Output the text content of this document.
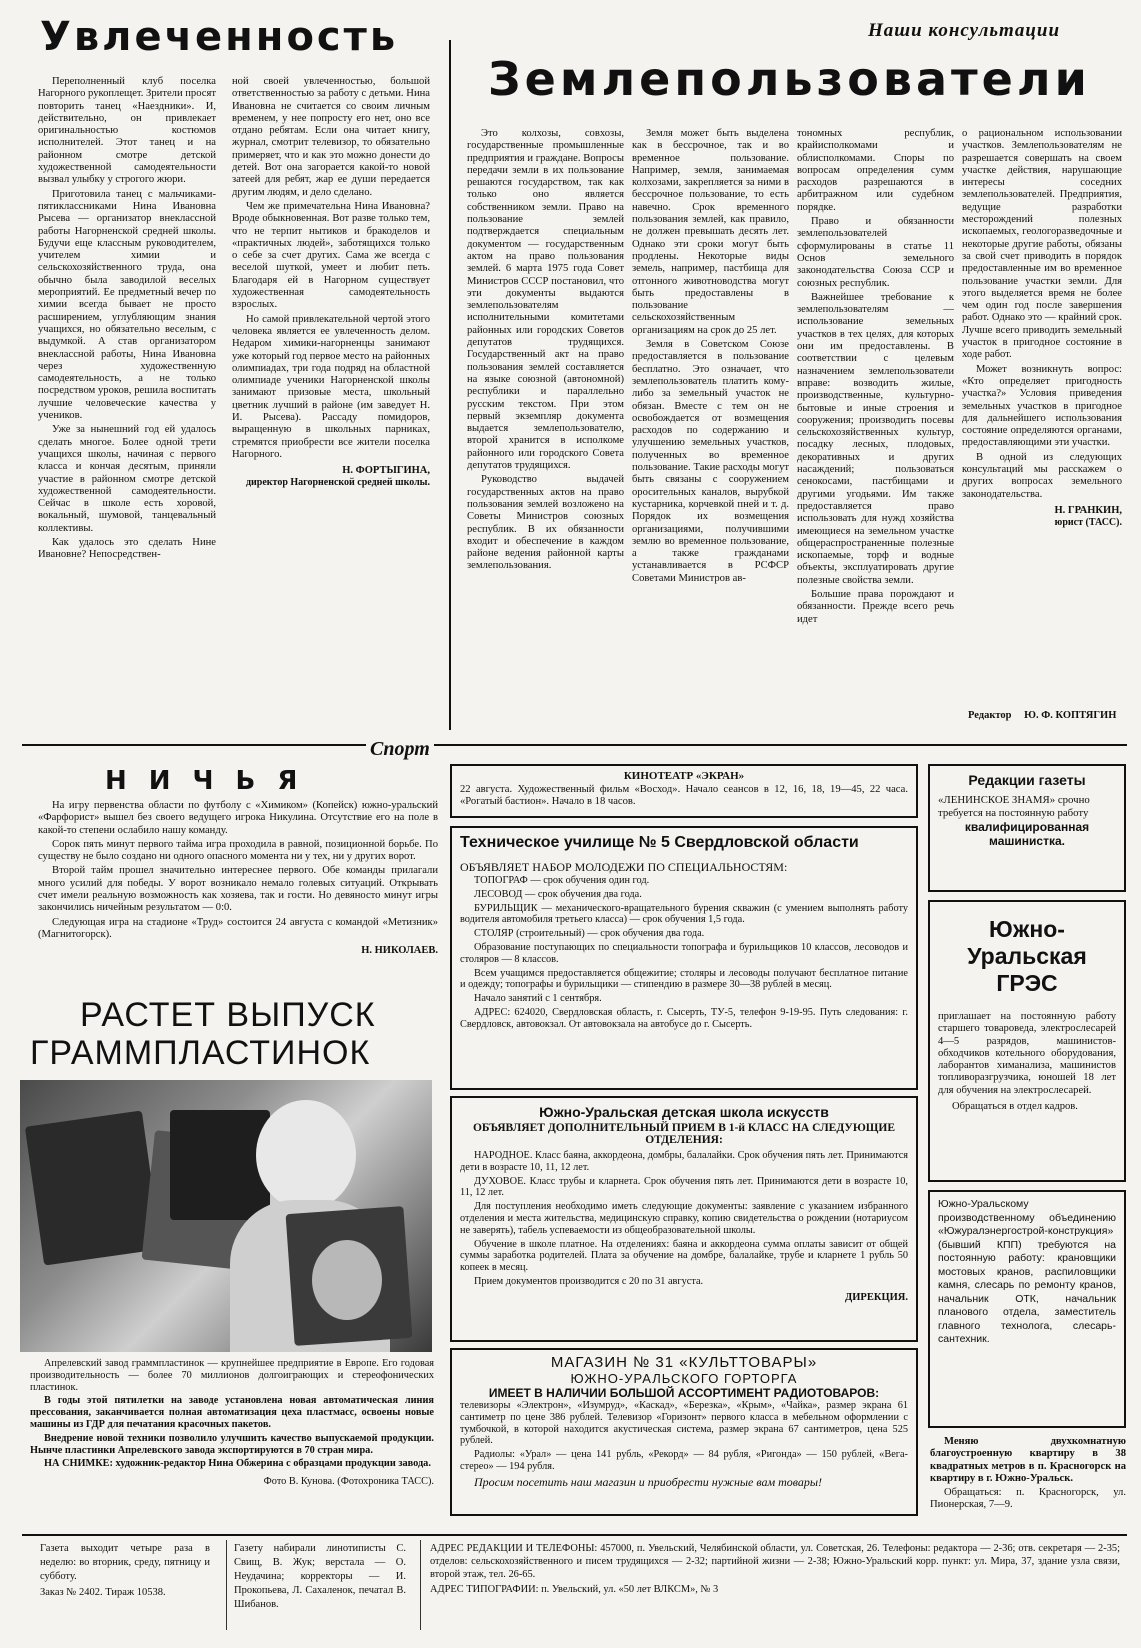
Увлеченность	Наши консультации

Переполненный клуб поселка Нагорного рукоплещет. Зрители просят повторить танец «Наездники». И, действительно, он привлекает оригинальностью костюмов исполнителей. Этот танец и на районном смотре детской художественной самодеятельности вызвал улыбку у строгого жюри.

Приготовила танец с мальчиками-пятиклассниками Нина Ивановна Рысева — организатор внеклассной работы Нагорненской средней школы. Будучи еще классным руководителем, учителем химии и сельскохозяйственного труда, она обычно была заводилой веселых мероприятий. Ее предметный вечер по химии всегда бывает не просто расширением, углубляющим знания учащихся, но обязательно веселым, с выдумкой. А став организатором внеклассной работы, Нина Ивановна через художественную самодеятельность, а не только посредством уроков, решила воспитать лучшие человеческие качества у учеников.

Уже за нынешний год ей удалось сделать многое. Более одной трети учащихся школы, начиная с первого класса и кончая десятым, приняли участие в районном смотре детской художественной самодеятельности. Сейчас в школе есть хоровой, вокальный, шумовой, танцевальный коллективы.

Как удалось это сделать Нине Ивановне? Непосредствен-

ной своей увлеченностью, большой ответственностью за работу с детьми. Нина Ивановна не считается со своим личным временем, у нее попросту его нет, оно все отдано ребятам. Если она читает книгу, журнал, смотрит телевизор, то обязательно примеряет, что и как это можно донести до детей. Вот она загорается какой-то новой затеей для ребят, жар ее души передается другим людям, и дело сделано.

Чем же примечательна Нина Ивановна? Вроде обыкновенная. Вот разве только тем, что не терпит нытиков и бракоделов и «практичных людей», заботящихся только о себе за счет других. Сама же всегда с веселой шуткой, умеет и любит петь. Благодаря ей в Нагорном существует художественная самодеятельность взрослых.

Но самой привлекательной чертой этого человека является ее увлеченность делом. Недаром химики-нагорненцы занимают уже который год первое место на районных олимпиадах, три года подряд на областной олимпиаде ученики Нагорненской школы занимают призовые места, школьный цветник лучший в районе (им заведует Н. И. Рысева). Рассаду помидоров, выращенную в школьных парниках, стремятся приобрести все жители поселка Нагорного.

Н. ФОРТЫГИНА,
директор Нагорненской средней школы.
Землепользователи

Это колхозы, совхозы, государственные промышленные предприятия и граждане. Вопросы передачи земли в их пользование решаются государством, так как только оно является собственником земли. Право на пользование землей подтверждается специальным документом — государственным актом на право пользования землей. 6 марта 1975 года Совет Министров СССР постановил, что эти документы выдаются землепользователям исполнительными комитетами районных или городских Советов депутатов трудящихся. Государственный акт на право пользования землей составляется на языке союзной (автономной) республики и параллельно русским текстом. При этом первый экземпляр документа выдается землепользователю, второй хранится в исполкоме районного или городского Совета депутатов трудящихся.

Руководство выдачей государственных актов на право пользования землей возложено на Советы Министров союзных республик. В их обязанности входит и обеспечение в каждом районе ведения районной карты землепользования.

Земля может быть выделена как в бессрочное, так и во временное пользование. Например, земля, занимаемая колхозами, закрепляется за ними в бессрочное пользование, то есть навечно. Срок временного пользования землей, как правило, не должен превышать десять лет. Однако эти сроки могут быть продлены. Некоторые виды земель, например, пастбища для отгонного животноводства могут быть предоставлены в пользование сельскохозяйственным организациям на срок до 25 лет.

Земля в Советском Союзе предоставляется в пользование бесплатно. Это означает, что землепользователь платить кому-либо за земельный участок не обязан. Вместе с тем он не освобождается от возмещения расходов по содержанию и улучшению земельных участков, полученных во временное пользование. Такие расходы могут быть связаны с сооружением оросительных каналов, вырубкой кустарника, корчевкой пней и т. д. Порядок их возмещения организациями, получившими землю во временное пользование, а также гражданами устанавливается в РСФСР Советами Министров ав-

тономных республик, крайисполкомами и облисполкомами. Споры по вопросам определения сумм расходов разрешаются в арбитражном или судебном порядке.

Право и обязанности землепользователей сформулированы в статье 11 Основ земельного законодательства Союза ССР и союзных республик.

Важнейшее требование к землепользователям — использование земельных участков в тех целях, для которых они им предоставлены. В соответствии с целевым назначением землепользователи вправе: возводить жилые, производственные, культурно-бытовые и иные строения и сооружения; производить посевы сельскохозяйственных культур, посадку лесных, плодовых, декоративных и других насаждений; пользоваться сенокосами, пастбищами и другими угодьями. Им также предоставляется право использовать для нужд хозяйства имеющиеся на земельном участке общераспространенные полезные ископаемые, торф и водные объекты, эксплуатировать другие полезные свойства земли.

Большие права порождают и обязанности. Прежде всего речь идет

о рациональном использовании участков. Землепользователям не разрешается совершать на своем участке действия, нарушающие интересы соседних землепользователей. Предприятия, ведущие разработки месторождений полезных ископаемых, геологоразведочные и некоторые другие работы, обязаны за свой счет приводить в порядок предоставленные им во временное пользование участки земли. Для этого выделяется время не более чем один год после завершения работ. Однако это — крайний срок. Лучше всего приводить земельный участок в пригодное состояние в ходе работ.

Может возникнуть вопрос: «Кто определяет пригодность участка?» Условия приведения земельных участков в пригодное для дальнейшего использования состояние определяются органами, предоставляющими эти участки.

В одной из следующих консультаций мы расскажем о других вопросах земельного законодательства.

Н. ГРАНКИН,
юрист (ТАСС).
Редактор Ю. Ф. КОПТЯГИН
Спорт
НИЧЬЯ

На игру первенства области по футболу с «Химиком» (Копейск) южно-уральский «Фарфорист» вышел без своего ведущего игрока Никулина. Отсутствие его на поле в какой-то степени ослабило нашу команду.

Сорок пять минут первого тайма игра проходила в равной, позиционной борьбе. По существу не было создано ни одного опасного момента ни у тех, ни у других ворот.

Второй тайм прошел значительно интереснее первого. Обе команды прилагали много усилий для победы. У ворот возникало немало голевых ситуаций. Открывать счет имели реальную возможность как хозяева, так и гости. Но девяносто минут игры закончились ничейным результатом — 0:0.

Следующая игра на стадионе «Труд» состоится 24 августа с командой «Метизник» (Магнитогорск).

Н. НИКОЛАЕВ.
РАСТЕТ ВЫПУСК
ГРАММПЛАСТИНОК

Апрелевский завод граммпластинок — крупнейшее предприятие в Европе. Его годовая производительность — более 70 миллионов долгоиграющих и стереофонических пластинок.

В годы этой пятилетки на заводе установлена новая автоматическая линия прессования, заканчивается полная автоматизация цеха пластмасс, освоены новые машины из ГДР для печатания красочных пакетов.

Внедрение новой техники позволило улучшить качество выпускаемой продукции. Нынче пластинки Апрелевского завода экспортируются в 70 стран мира.

НА СНИМКЕ: художник-редактор Нина Обжерина с образцами продукции завода.

Фото В. Кунова. (Фотохроника ТАСС).
КИНОТЕАТР «ЭКРАН»
22 августа. Художественный фильм «Восход». Начало сеансов в 12, 16, 18, 19—45, 22 часа. «Рогатый бастион». Начало в 18 часов.
Техническое училище № 5 Свердловской области
ОБЪЯВЛЯЕТ НАБОР МОЛОДЕЖИ ПО СПЕЦИАЛЬНОСТЯМ:

ТОПОГРАФ — срок обучения один год.

ЛЕСОВОД — срок обучения два года.

БУРИЛЬЩИК — механического-вращательного бурения скважин (с умением выполнять работу водителя автомобиля третьего класса) — срок обучения 1,5 года.

СТОЛЯР (строительный) — срок обучения два года.

Образование поступающих по специальности топографа и бурильщиков 10 классов, лесоводов и столяров — 8 классов.

Всем учащимся предоставляется общежитие; столяры и лесоводы получают бесплатное питание и одежду; топографы и бурильщики — стипендию в размере 30—38 рублей в месяц.

Начало занятий с 1 сентября.

АДРЕС: 624020, Свердловская область, г. Сысерть, ТУ-5, телефон 9-19-95. Путь следования: г. Свердловск, автовокзал. От автовокзала на автобусе до г. Сысерть.

Южно-Уральская детская школа искусств
ОБЪЯВЛЯЕТ ДОПОЛНИТЕЛЬНЫЙ ПРИЕМ В 1-й КЛАСС НА СЛЕДУЮЩИЕ ОТДЕЛЕНИЯ:

НАРОДНОЕ. Класс баяна, аккордеона, домбры, балалайки. Срок обучения пять лет. Принимаются дети в возрасте 10, 11, 12 лет.

ДУХОВОЕ. Класс трубы и кларнета. Срок обучения пять лет. Принимаются дети в возрасте 10, 11, 12 лет.

Для поступления необходимо иметь следующие документы: заявление с указанием избранного отделения и места жительства, медицинскую справку, копию свидетельства о рождении (нотариусом не заверять), табель успеваемости из общеобразовательной школы.

Обучение в школе платное. На отделениях: баяна и аккордеона сумма оплаты зависит от общей суммы заработка родителей. Плата за обучение на домбре, балалайке, трубе и кларнете 1 рубль 50 копеек в месяц.

Прием документов производится с 20 по 31 августа.

ДИРЕКЦИЯ.
МАГАЗИН № 31 «КУЛЬТТОВАРЫ»
ЮЖНО-УРАЛЬСКОГО ГОРТОРГА
ИМЕЕТ В НАЛИЧИИ БОЛЬШОЙ АССОРТИМЕНТ РАДИОТОВАРОВ:

телевизоры «Электрон», «Изумруд», «Каскад», «Березка», «Крым», «Чайка», размер экрана 61 сантиметр по цене 386 рублей. Телевизор «Горизонт» первого класса в мебельном оформлении с тумбочкой, в которой находится акустическая система, размер экрана 67 сантиметров, цена 525 рублей.

Радиолы: «Урал» — цена 141 рубль, «Рекорд» — 84 рубля, «Ригонда» — 150 рублей, «Вега-стерео» — 194 рубля.

Просим посетить наш магазин и приобрести нужные вам товары!
Редакции газеты
«ЛЕНИНСКОЕ ЗНАМЯ» срочно требуется на постоянную работу
квалифицированная машинистка.
Южно-Уральская ГРЭС
приглашает на постоянную работу старшего товароведа, электрослесарей 4—5 разрядов, машинистов-обходчиков котельного оборудования, лаборантов химанализа, машинистов топливоразгрузчика, юношей 18 лет для обучения на электрослесарей.
Обращаться в отдел кадров.
Южно-Уральскому производственному объединению «Южуралэнергострой-конструкция» (бывший КПП) требуются на постоянную работу: крановщики мостовых кранов, распиловщики камня, слесарь по ремонту кранов, начальник ОТК, начальник планового отдела, заместитель главного технолога, слесарь-сантехник.

Меняю двухкомнатную благоустроенную квартиру в 38 квадратных метров в п. Красногорск на квартиру в г. Южно-Уральск.

Обращаться: п. Красногорск, ул. Пионерская, 7—9.

Газета выходит четыре раза в неделю: во вторник, среду, пятницу и субботу.
Заказ № 2402. Тираж 10538.
Газету набирали линотиписты С. Свищ, В. Жук; верстала — О. Неудачина; корректоры — И. Прокопьева, Л. Сахаленок, печатал В. Шибанов.
АДРЕС РЕДАКЦИИ И ТЕЛЕФОНЫ: 457000, п. Увельский, Челябинской области, ул. Советская, 26. Телефоны: редактора — 2-36; отв. секретаря — 2-35; отделов: сельскохозяйственного и писем трудящихся — 2-32; партийной жизни — 2-38; Южно-Уральский корр. пункт: ул. Мира, 37, здание узла связи, второй этаж, тел. 26-65.
АДРЕС ТИПОГРАФИИ: п. Увельский, ул. «50 лет ВЛКСМ», № 3
